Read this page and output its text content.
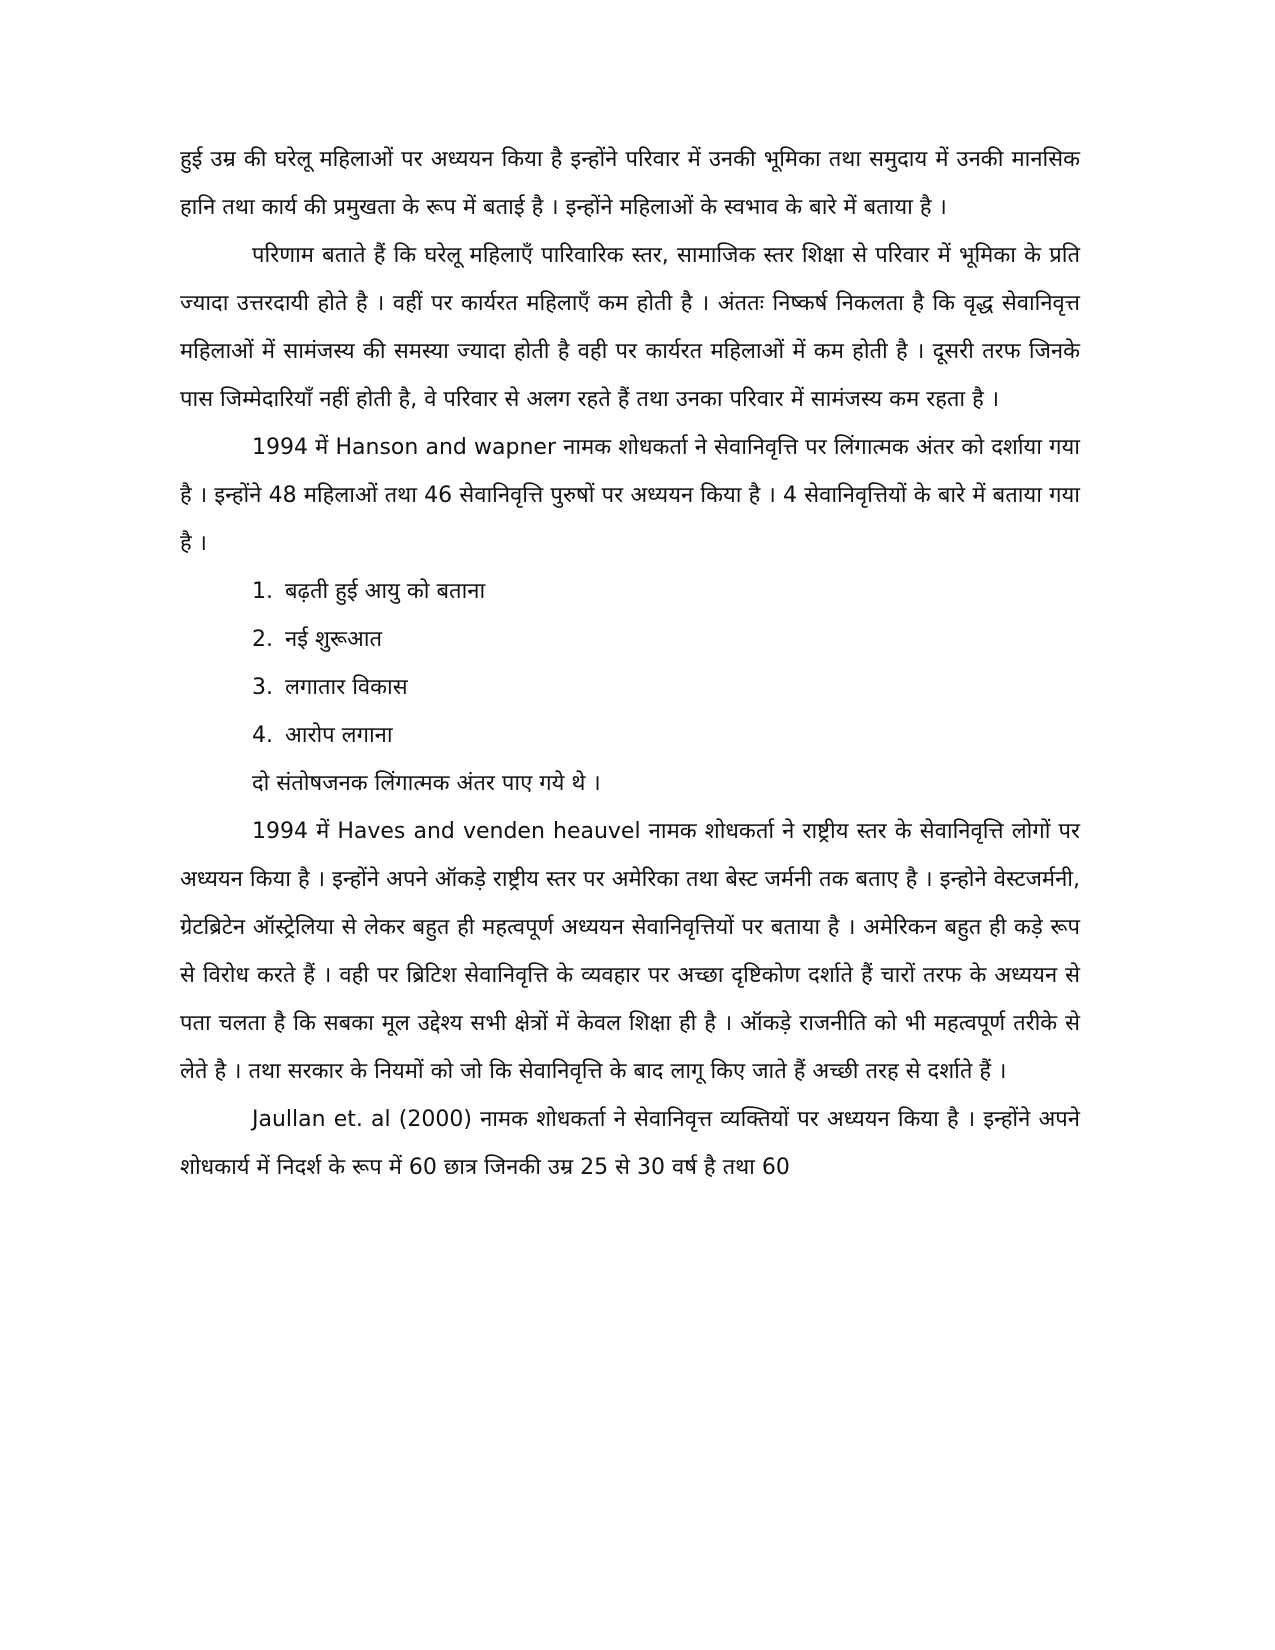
हुई उम्र की घरेलू महिलाओं पर अध्ययन किया है इन्होंने परिवार में उनकी भूमिका तथा समुदाय में उनकी मानसिक हानि तथा कार्य की प्रमुखता के रूप में बताई है । इन्होंने महिलाओं के स्वभाव के बारे में बताया है ।

परिणाम बताते हैं कि घरेलू महिलाऍं पारिवारिक स्तर, सामाजिक स्तर शिक्षा से परिवार में भूमिका के प्रति ज्यादा उत्तरदायी होते है । वहीं पर कार्यरत महिलाऍं कम होती है । अंततः निष्कर्ष निकलता है कि वृद्ध सेवानिवृत्त महिलाओं में सामंजस्य की समस्या ज्यादा होती है वही पर कार्यरत महिलाओं में कम होती है । दूसरी तरफ जिनके पास जिम्मेदारियॉं नहीं होती है, वे परिवार से अलग रहते हैं तथा उनका परिवार में सामंजस्य कम रहता है ।

1994 में Hanson and wapner नामक शोधकर्ता ने सेवानिवृत्ति पर लिंगात्मक अंतर को दर्शाया गया है । इन्होंने 48 महिलाओं तथा 46 सेवानिवृत्ति पुरुषों पर अध्ययन किया है । 4 सेवानिवृत्तियों के बारे में बताया गया है ।

1. बढ़ती हुई आयु को बताना
2. नई शुरूआत
3. लगातार विकास
4. आरोप लगाना

दो संतोषजनक लिंगात्मक अंतर पाए गये थे ।

1994 में Haves and venden heauvel नामक शोधकर्ता ने राष्ट्रीय स्तर के सेवानिवृत्ति लोगों पर अध्ययन किया है । इन्होंने अपने ऑकड़े राष्ट्रीय स्तर पर अमेरिका तथा बेस्ट जर्मनी तक बताए है । इन्होने वेस्टजर्मनी, ग्रेटब्रिटेन ऑस्ट्रेलिया से लेकर बहुत ही महत्वपूर्ण अध्ययन सेवानिवृत्तियों पर बताया है । अमेरिकन बहुत ही कड़े रूप से विरोध करते हैं । वही पर ब्रिटिश सेवानिवृत्ति के व्यवहार पर अच्छा दृष्टिकोण दर्शाते हैं चारों तरफ के अध्ययन से पता चलता है कि सबका मूल उद्देश्य सभी क्षेत्रों में केवल शिक्षा ही है । ऑकड़े राजनीति को भी महत्वपूर्ण तरीके से लेते है । तथा सरकार के नियमों को जो कि सेवानिवृत्ति के बाद लागू किए जाते हैं अच्छी तरह से दर्शाते हैं ।

Jaullan et. al (2000) नामक शोधकर्ता ने सेवानिवृत्त व्यक्तियों पर अध्ययन किया है । इन्होंने अपने शोधकार्य में निदर्श के रूप में 60 छात्र जिनकी उम्र 25 से 30 वर्ष है तथा 60
